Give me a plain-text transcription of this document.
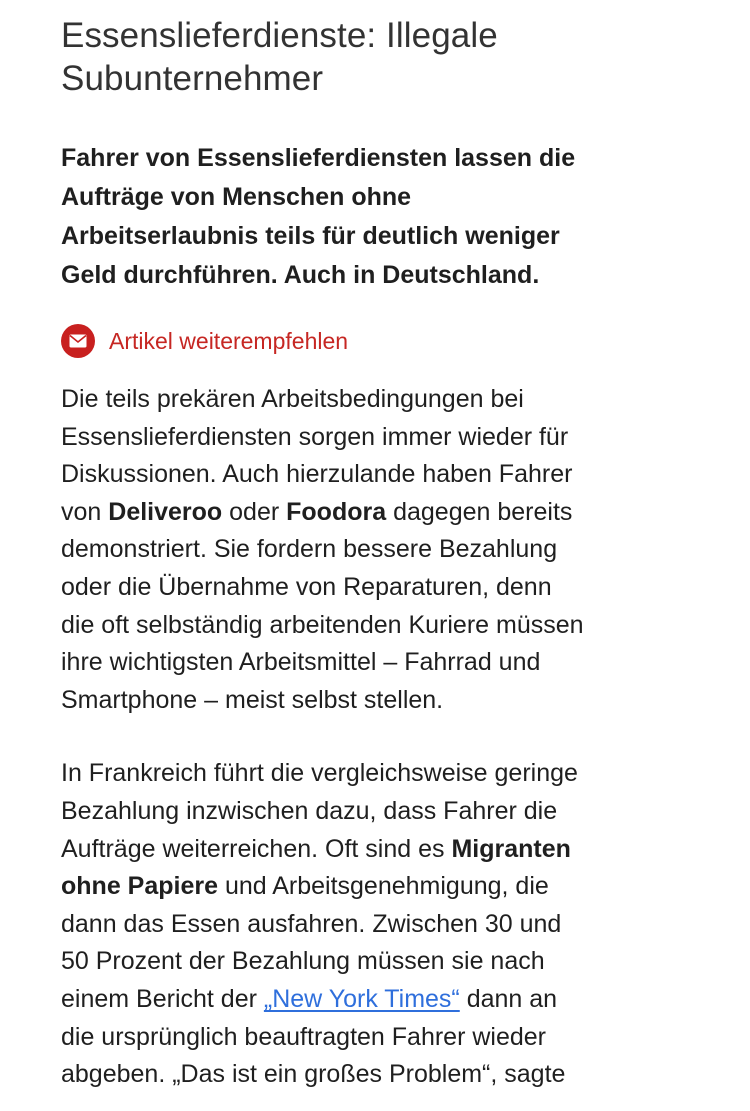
Essenslieferdienste: Illegale
Subunternehmer

Fahrer von Essenslieferdiensten lassen die
Aufträge von Menschen ohne
Arbeitserlaubnis teils für deutlich weniger
Geld durchführen. Auch in Deutschland.

Artikel weiterempfehlen

Die teils prekären Arbeitsbedingungen bei
Essenslieferdiensten sorgen immer wieder für
Diskussionen. Auch hierzulande haben Fahrer
von Deliveroo oder Foodora dagegen bereits
demonstriert. Sie fordern bessere Bezahlung
oder die Übernahme von Reparaturen, denn
die oft selbständig arbeitenden Kuriere müssen
ihre wichtigsten Arbeitsmittel – Fahrrad und
Smartphone – meist selbst stellen.

In Frankreich führt die vergleichsweise geringe
Bezahlung inzwischen dazu, dass Fahrer die
Aufträge weiterreichen. Oft sind es Migranten
ohne Papiere und Arbeitsgenehmigung, die
dann das Essen ausfahren. Zwischen 30 und
50 Prozent der Bezahlung müssen sie nach
einem Bericht der „New York Times“ dann an
die ursprünglich beauftragten Fahrer wieder
abgeben. „Das ist ein großes Problem“, sagte
